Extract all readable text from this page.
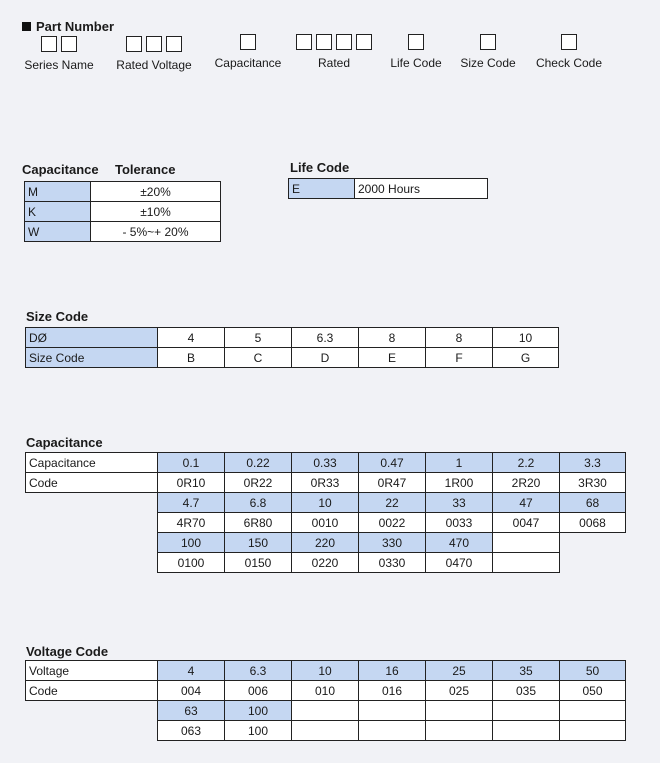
Part Number
Series Name	Rated Voltage	Capacitance	Rated	Life Code	Size Code	Check Code
Capacitance Tolerance
M	±20%
K	±10%
W	- 5%~+ 20%
Life Code
E	2000 Hours
Size Code
DØ	4	5	6.3	8	8	10
Size Code	B	C	D	E	F	G
Capacitance
Capacitance	0.1	0.22	0.33	0.47	1	2.2	3.3
Code	0R10	0R22	0R33	0R47	1R00	2R20	3R30
	4.7	6.8	10	22	33	47	68
	4R70	6R80	0010	0022	0033	0047	0068
	100	150	220	330	470		
	0100	0150	0220	0330	0470		
Voltage Code
Voltage	4	6.3	10	16	25	35	50
Code	004	006	010	016	025	035	050
	63	100					
	063	100					
